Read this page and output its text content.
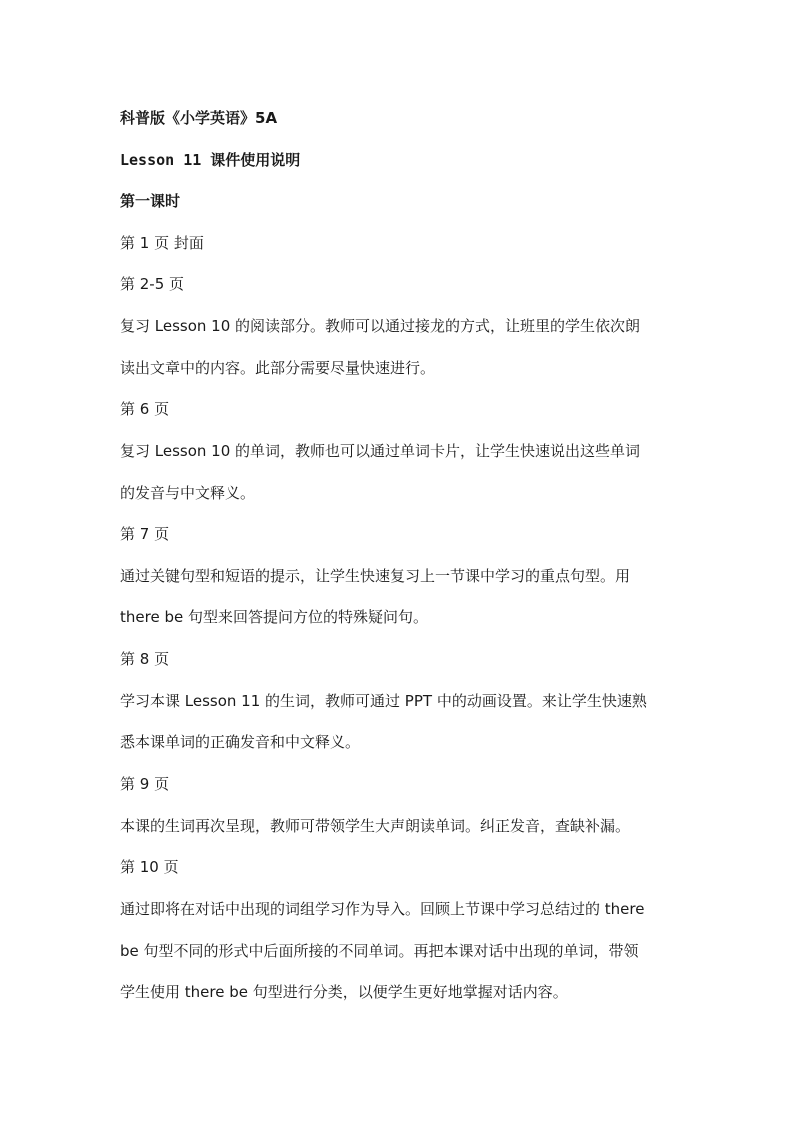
科普版《小学英语》5A
Lesson 11 课件使用说明
第一课时
第 1 页 封面
第 2-5 页
复习 Lesson 10 的阅读部分。教师可以通过接龙的方式，让班里的学生依次朗
读出文章中的内容。此部分需要尽量快速进行。
第 6 页
复习 Lesson 10 的单词，教师也可以通过单词卡片，让学生快速说出这些单词
的发音与中文释义。
第 7 页
通过关键句型和短语的提示，让学生快速复习上一节课中学习的重点句型。用
there be 句型来回答提问方位的特殊疑问句。
第 8 页
学习本课 Lesson 11 的生词，教师可通过 PPT 中的动画设置。来让学生快速熟
悉本课单词的正确发音和中文释义。
第 9 页
本课的生词再次呈现，教师可带领学生大声朗读单词。纠正发音，查缺补漏。
第 10 页
通过即将在对话中出现的词组学习作为导入。回顾上节课中学习总结过的 there
be 句型不同的形式中后面所接的不同单词。再把本课对话中出现的单词，带领
学生使用 there be 句型进行分类，以便学生更好地掌握对话内容。
